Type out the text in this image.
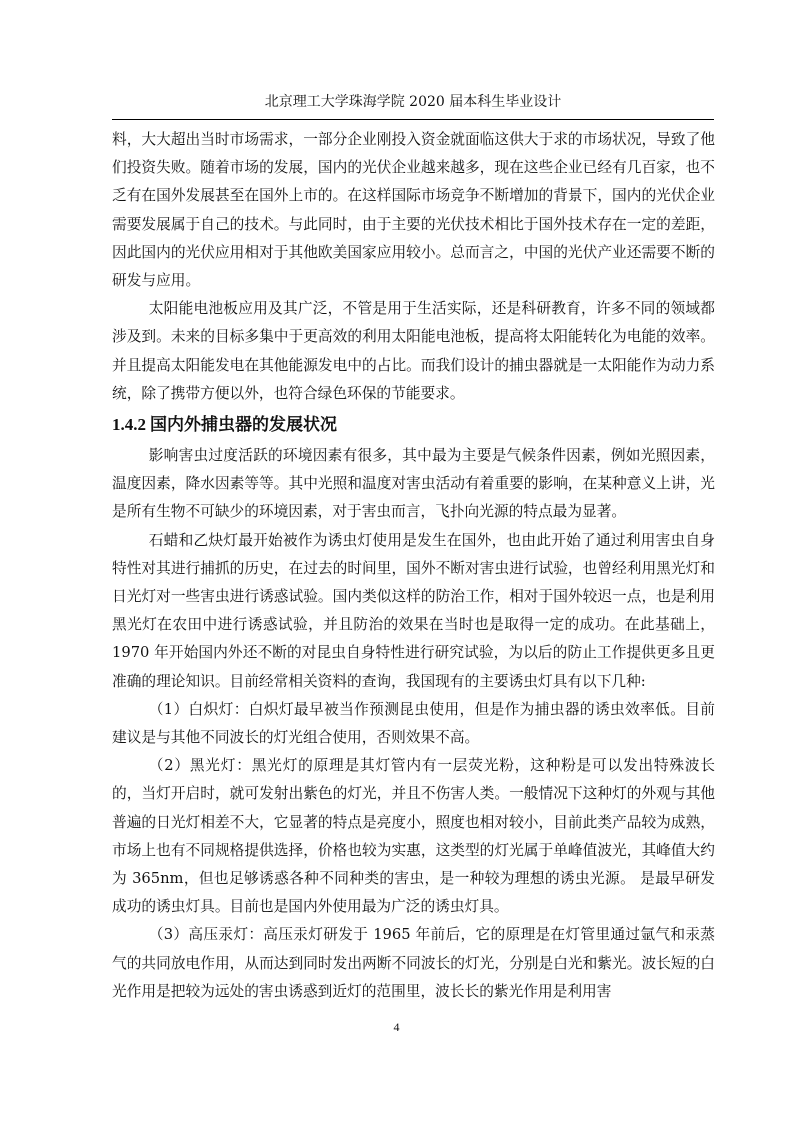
北京理工大学珠海学院 2020 届本科生毕业设计

料，大大超出当时市场需求，一部分企业刚投入资金就面临这供大于求的市场状况，导致了他们投资失败。随着市场的发展，国内的光伏企业越来越多，现在这些企业已经有几百家，也不乏有在国外发展甚至在国外上市的。在这样国际市场竞争不断增加的背景下，国内的光伏企业需要发展属于自己的技术。与此同时，由于主要的光伏技术相比于国外技术存在一定的差距，因此国内的光伏应用相对于其他欧美国家应用较小。总而言之，中国的光伏产业还需要不断的研发与应用。

太阳能电池板应用及其广泛，不管是用于生活实际，还是科研教育，许多不同的领域都涉及到。未来的目标多集中于更高效的利用太阳能电池板，提高将太阳能转化为电能的效率。并且提高太阳能发电在其他能源发电中的占比。而我们设计的捕虫器就是一太阳能作为动力系统，除了携带方便以外，也符合绿色环保的节能要求。

1.4.2 国内外捕虫器的发展状况

影响害虫过度活跃的环境因素有很多，其中最为主要是气候条件因素，例如光照因素，温度因素，降水因素等等。其中光照和温度对害虫活动有着重要的影响，在某种意义上讲，光是所有生物不可缺少的环境因素，对于害虫而言，飞扑向光源的特点最为显著。

石蜡和乙炔灯最开始被作为诱虫灯使用是发生在国外，也由此开始了通过利用害虫自身特性对其进行捕抓的历史，在过去的时间里，国外不断对害虫进行试验，也曾经利用黑光灯和日光灯对一些害虫进行诱惑试验。国内类似这样的防治工作，相对于国外较迟一点，也是利用黑光灯在农田中进行诱惑试验，并且防治的效果在当时也是取得一定的成功。在此基础上，1970 年开始国内外还不断的对昆虫自身特性进行研究试验，为以后的防止工作提供更多且更准确的理论知识。目前经常相关资料的查询，我国现有的主要诱虫灯具有以下几种:

（1）白炽灯：白炽灯最早被当作预测昆虫使用，但是作为捕虫器的诱虫效率低。目前建议是与其他不同波长的灯光组合使用，否则效果不高。

（2）黑光灯：黑光灯的原理是其灯管内有一层荧光粉，这种粉是可以发出特殊波长的，当灯开启时，就可发射出紫色的灯光，并且不伤害人类。一般情况下这种灯的外观与其他普遍的日光灯相差不大，它显著的特点是亮度小，照度也相对较小，目前此类产品较为成熟，市场上也有不同规格提供选择，价格也较为实惠，这类型的灯光属于单峰值波光，其峰值大约为 365nm，但也足够诱惑各种不同种类的害虫，是一种较为理想的诱虫光源。 是最早研发成功的诱虫灯具。目前也是国内外使用最为广泛的诱虫灯具。

（3）高压汞灯：高压汞灯研发于 1965 年前后，它的原理是在灯管里通过氩气和汞蒸气的共同放电作用，从而达到同时发出两断不同波长的灯光，分别是白光和紫光。波长短的白光作用是把较为远处的害虫诱惑到近灯的范围里，波长长的紫光作用是利用害

4
